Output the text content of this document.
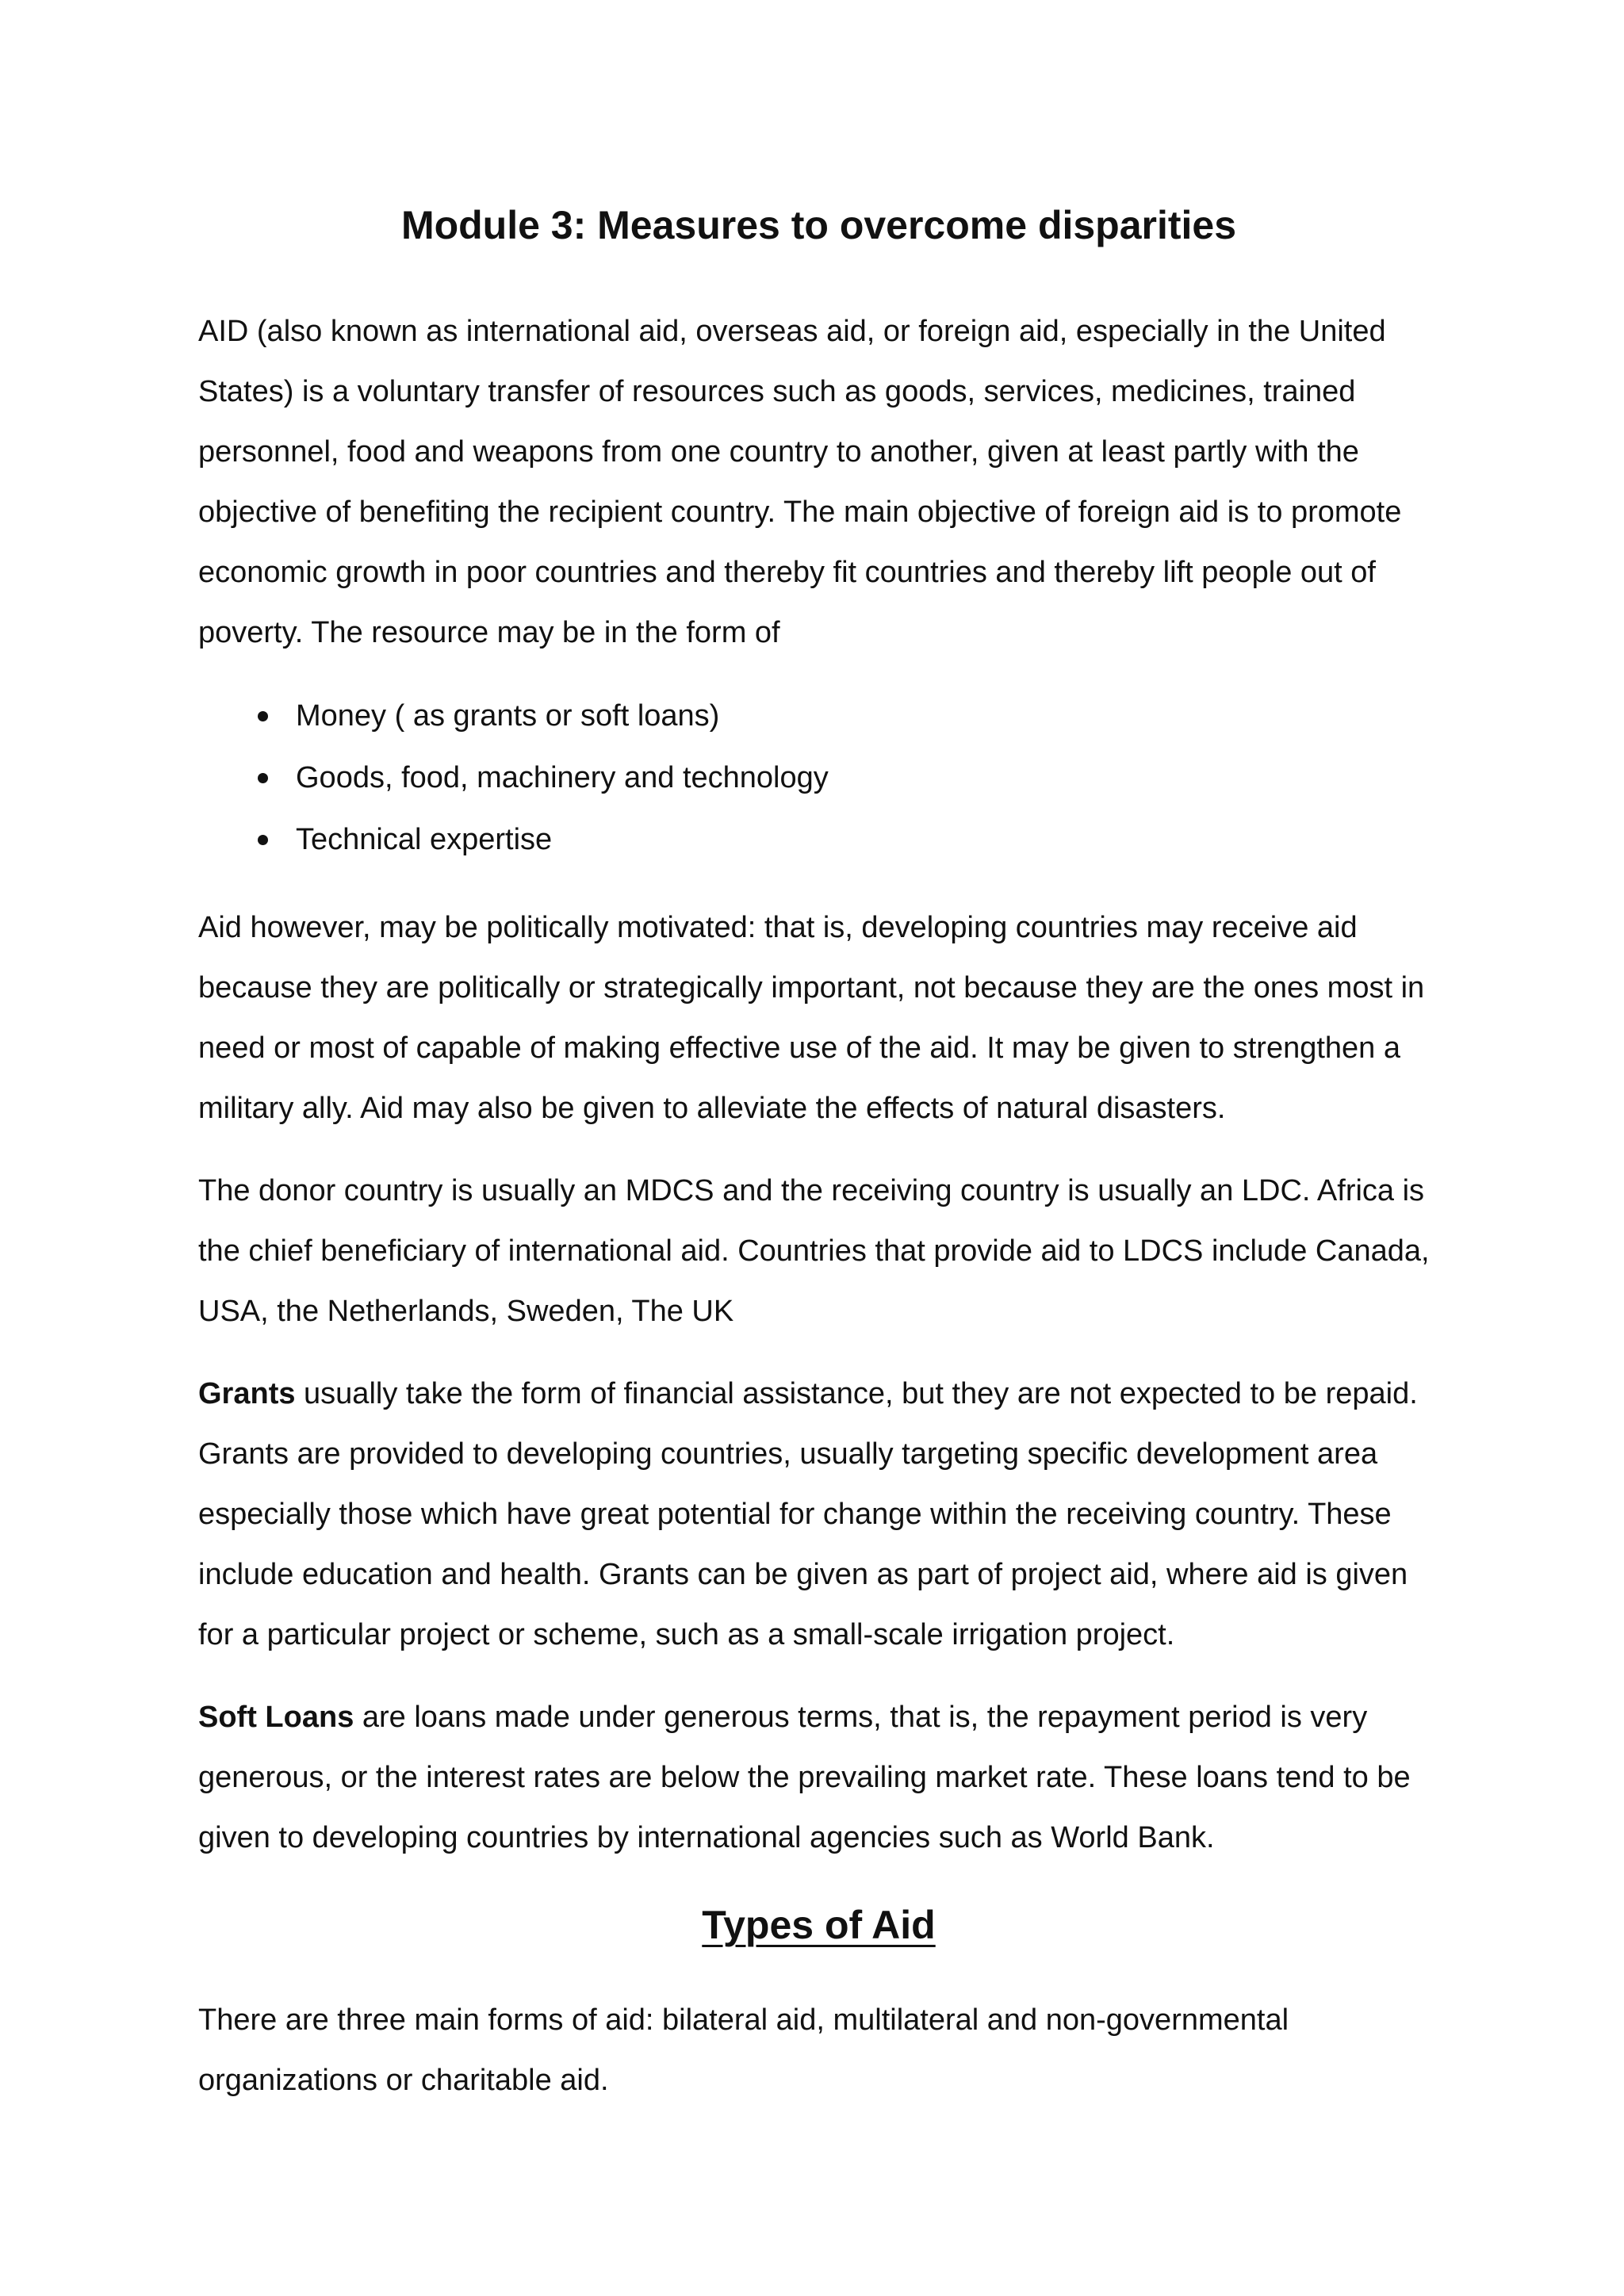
Module 3: Measures to overcome disparities

AID (also known as international aid, overseas aid, or foreign aid, especially in the United States) is a voluntary transfer of resources such as goods, services, medicines, trained personnel, food and weapons from one country to another, given at least partly with the objective of benefiting the recipient country. The main objective of foreign aid is to promote economic growth in poor countries and thereby fit countries and thereby lift people out of poverty. The resource may be in the form of

Money ( as grants or soft loans)
Goods, food, machinery and technology
Technical expertise

Aid however, may be politically motivated: that is, developing countries may receive aid because they are politically or strategically important, not because they are the ones most in need or most of capable of making effective use of the aid. It may be given to strengthen a military ally. Aid may also be given to alleviate the effects of natural disasters.

The donor country is usually an MDCS and the receiving country is usually an LDC. Africa is the chief beneficiary of international aid. Countries that provide aid to LDCS include Canada, USA, the Netherlands, Sweden, The UK

Grants usually take the form of financial assistance, but they are not expected to be repaid. Grants are provided to developing countries, usually targeting specific development area especially those which have great potential for change within the receiving country. These include education and health. Grants can be given as part of project aid, where aid is given for a particular project or scheme, such as a small-scale irrigation project.

Soft Loans are loans made under generous terms, that is, the repayment period is very generous, or the interest rates are below the prevailing market rate. These loans tend to be given to developing countries by international agencies such as World Bank.

Types of Aid

There are three main forms of aid: bilateral aid, multilateral and non-governmental organizations or charitable aid.
